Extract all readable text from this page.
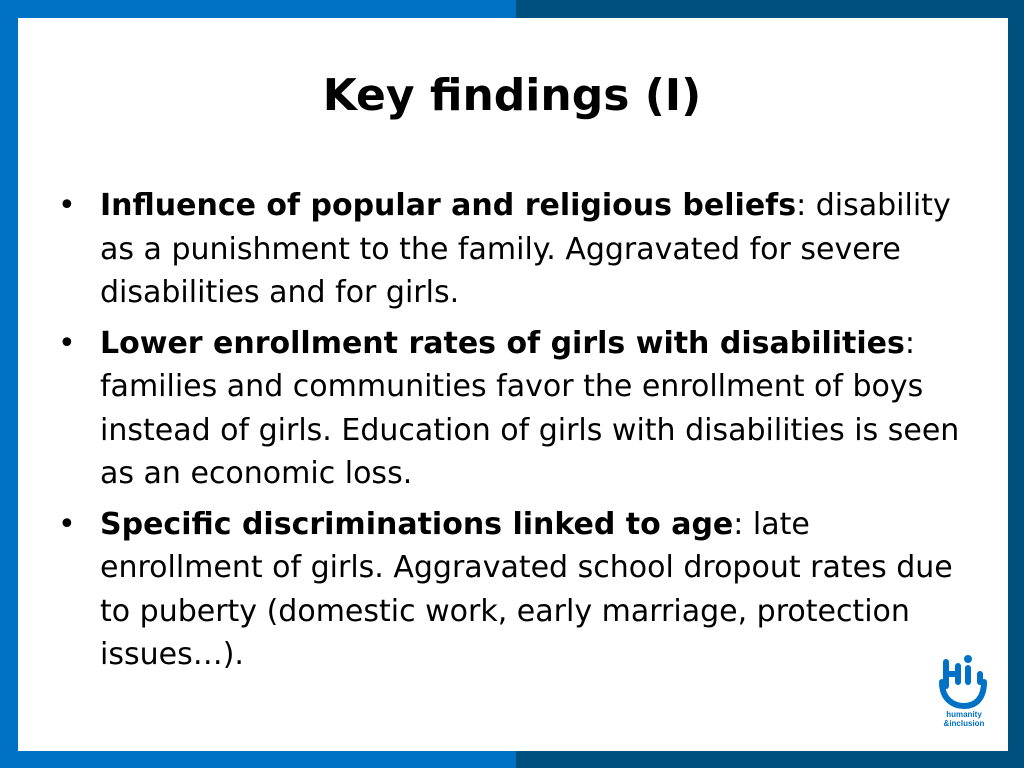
Key findings (I)
• Influence of popular and religious beliefs: disability as a punishment to the family. Aggravated for severe disabilities and for girls.
• Lower enrollment rates of girls with disabilities: families and communities favor the enrollment of boys instead of girls. Education of girls with disabilities is seen as an economic loss.
• Specific discriminations linked to age: late enrollment of girls. Aggravated school dropout rates due to puberty (domestic work, early marriage, protection issues…).
humanity
&inclusion
